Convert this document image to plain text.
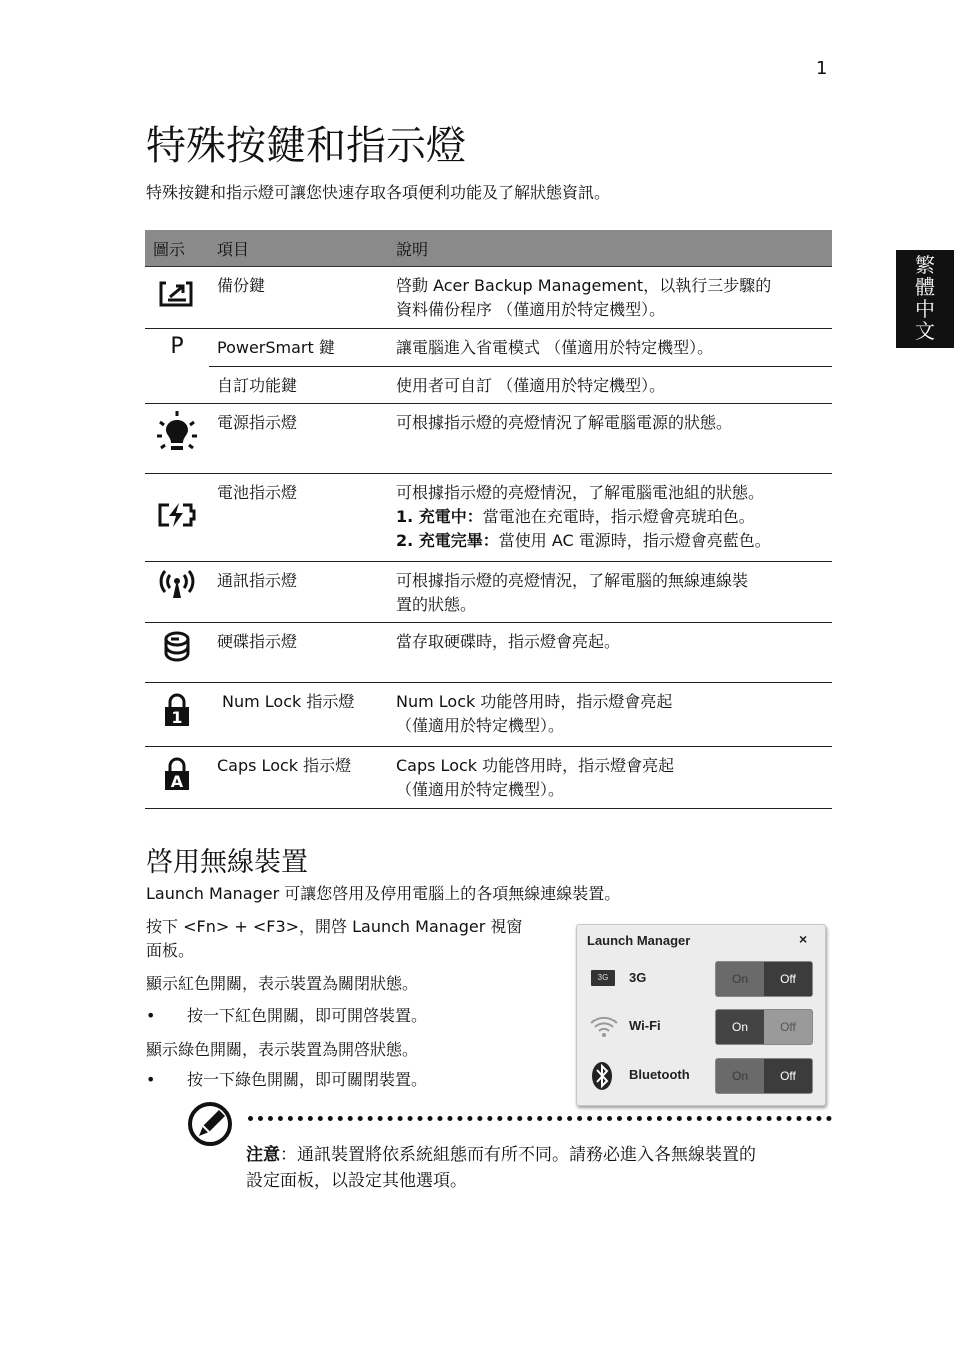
1
繁
體
中
文
特殊按鍵和指示燈
特殊按鍵和指示燈可讓您快速存取各項便利功能及了解狀態資訊。
圖示	項目	說明
	備份鍵	啓動 Acer Backup Management，以執行三步驟的
資料備份程序 （僅適用於特定機型）。

P	PowerSmart 鍵	讓電腦進入省電模式 （僅適用於特定機型）。

	自訂功能鍵	使用者可自訂 （僅適用於特定機型）。

	電源指示燈	可根據指示燈的亮燈情況了解電腦電源的狀態。

	電池指示燈	可根據指示燈的亮燈情況，了解電腦電池組的狀態。
1. 充電中：當電池在充電時，指示燈會亮琥珀色。
2. 充電完畢：當使用 AC 電源時，指示燈會亮藍色。

	通訊指示燈	可根據指示燈的亮燈情況，了解電腦的無線連線裝
置的狀態。

	硬碟指示燈	當存取硬碟時，指示燈會亮起。

1	Num Lock 指示燈	Num Lock 功能啓用時，指示燈會亮起
（僅適用於特定機型）。

A	Caps Lock 指示燈	Caps Lock 功能啓用時，指示燈會亮起
（僅適用於特定機型）。
啓用無線裝置
Launch Manager 可讓您啓用及停用電腦上的各項無線連線裝置。
按下 <Fn> + <F3>，開啓 Launch Manager 視窗
面板。
顯示紅色開關，表示裝置為關閉狀態。
• 按一下紅色開關，即可開啓裝置。
顯示綠色開關，表示裝置為開啓狀態。
• 按一下綠色開關，即可關閉裝置。
Launch Manager	×
3G	3G	On	Off
Wi-Fi	On	Off
Bluetooth	On	Off
注意：通訊裝置將依系統組態而有所不同。請務必進入各無線裝置的
設定面板，以設定其他選項。
